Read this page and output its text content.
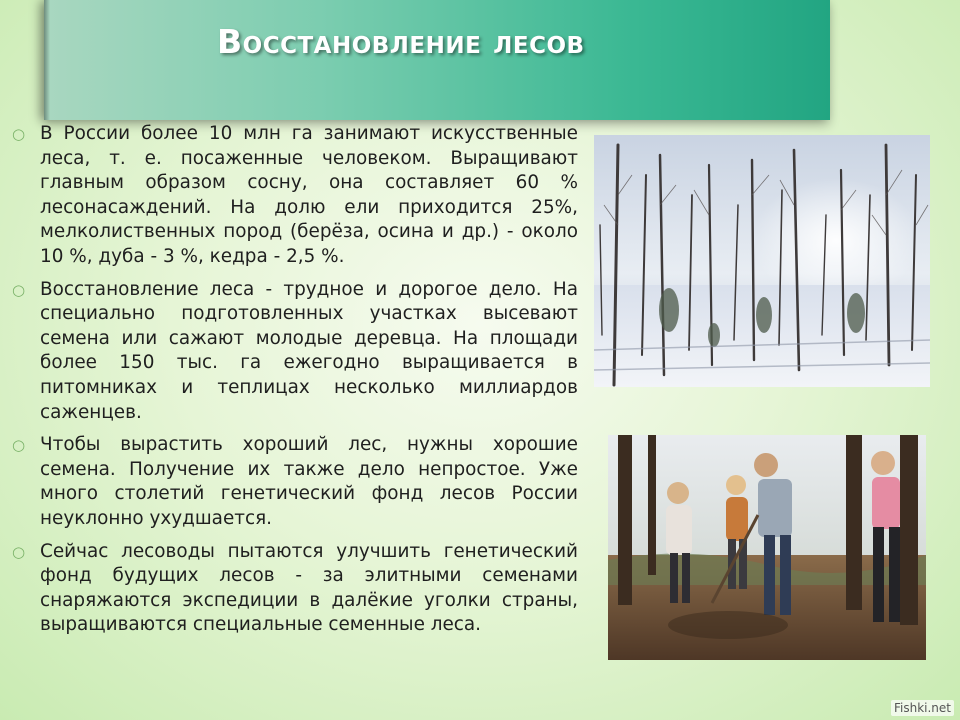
Восстановление лесов
○ В России более 10 млн га занимают искусственные леса, т. е. посаженные человеком. Выращивают главным образом сосну, она составляет 60 % лесонасаждений. На долю ели приходится 25%, мелколиственных пород (берёза, осина и др.) - около 10 %, дуба - 3 %, кедра - 2,5 %.
○ Восстановление леса - трудное и дорогое дело. На специально подготовленных участках высевают семена или сажают молодые деревца. На площади более 150 тыс. га ежегодно выращивается в питомниках и теплицах несколько миллиардов саженцев.
○ Чтобы вырастить хороший лес, нужны хорошие семена. Получение их также дело непростое. Уже много столетий генетический фонд лесов России неуклонно ухудшается.
○ Сейчас лесоводы пытаются улучшить генетический фонд будущих лесов - за элитными семенами снаряжаются экспедиции в далёкие уголки страны, выращиваются специальные семенные леса.
Fishki.net
